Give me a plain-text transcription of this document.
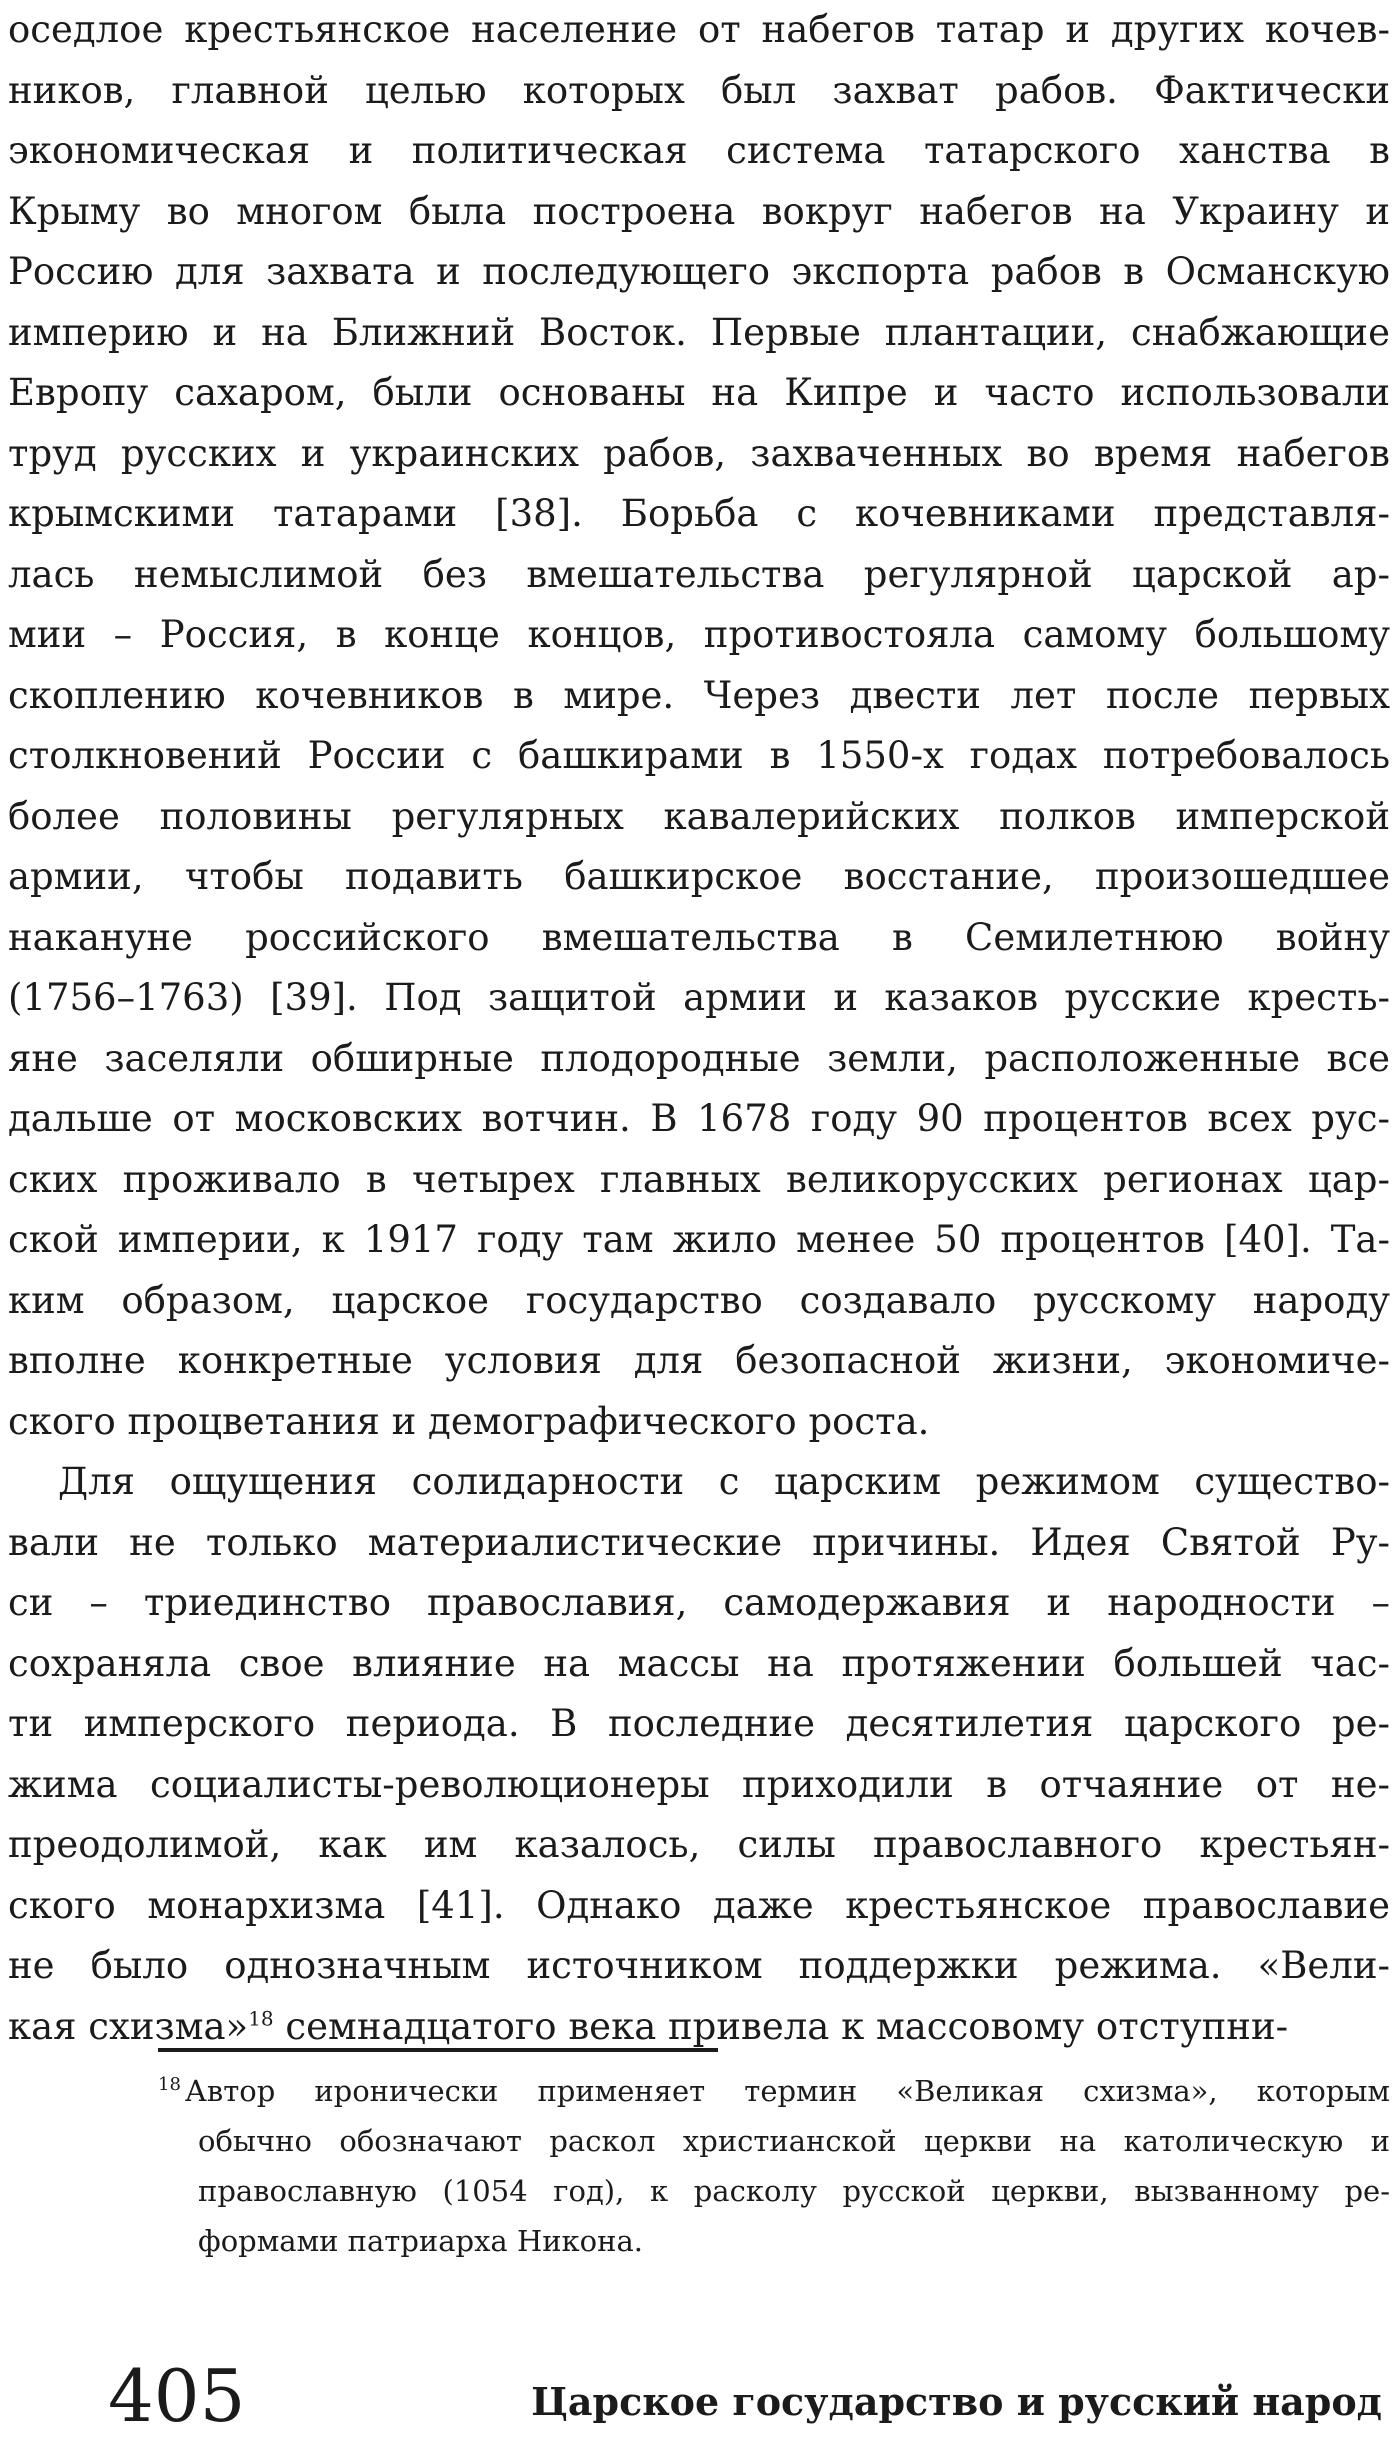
оседлое крестьянское население от набегов татар и других кочев-
ников, главной целью которых был захват рабов. Фактически
экономическая и политическая система татарского ханства в
Крыму во многом была построена вокруг набегов на Украину и
Россию для захвата и последующего экспорта рабов в Османскую
империю и на Ближний Восток. Первые плантации, снабжающие
Европу сахаром, были основаны на Кипре и часто использовали
труд русских и украинских рабов, захваченных во время набегов
крымскими татарами [38]. Борьба с кочевниками представля-
лась немыслимой без вмешательства регулярной царской ар-
мии – Россия, в конце концов, противостояла самому большому
скоплению кочевников в мире. Через двести лет после первых
столкновений России с башкирами в 1550-х годах потребовалось
более половины регулярных кавалерийских полков имперской
армии, чтобы подавить башкирское восстание, произошедшее
накануне российского вмешательства в Семилетнюю войну
(1756–1763) [39]. Под защитой армии и казаков русские кресть-
яне заселяли обширные плодородные земли, расположенные все
дальше от московских вотчин. В 1678 году 90 процентов всех рус-
ских проживало в четырех главных великорусских регионах цар-
ской империи, к 1917 году там жило менее 50 процентов [40]. Та-
ким образом, царское государство создавало русскому народу
вполне конкретные условия для безопасной жизни, экономиче-
ского процветания и демографического роста.

Для ощущения солидарности с царским режимом существо-
вали не только материалистические причины. Идея Святой Ру-
си – триединство православия, самодержавия и народности –
сохраняла свое влияние на массы на протяжении большей час-
ти имперского периода. В последние десятилетия царского ре-
жима социалисты-революционеры приходили в отчаяние от не-
преодолимой, как им казалось, силы православного крестьян-
ского монархизма [41]. Однако даже крестьянское православие
не было однозначным источником поддержки режима. «Вели-
кая схизма»$^{18}$ семнадцатого века привела к массовому отступни-

$^{18}$ Автор иронически применяет термин «Великая схизма», которым
обычно обозначают раскол христианской церкви на католическую и
православную (1054 год), к расколу русской церкви, вызванному ре-
формами патриарха Никона.
405	Царское государство и русский народ
